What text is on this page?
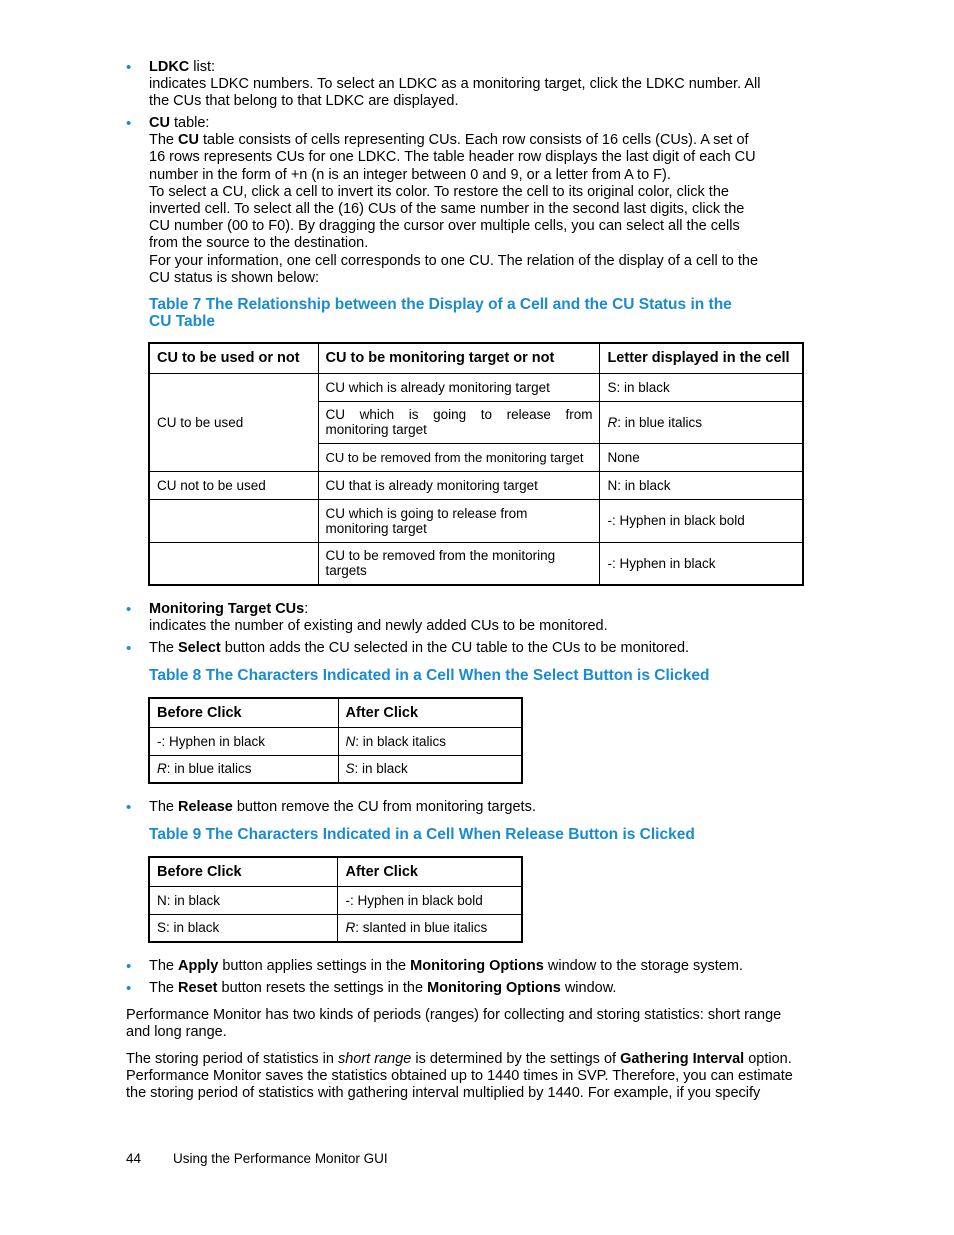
• LDKC list:
indicates LDKC numbers. To select an LDKC as a monitoring target, click the LDKC number. All
the CUs that belong to that LDKC are displayed.
• CU table:
The CU table consists of cells representing CUs. Each row consists of 16 cells (CUs). A set of
16 rows represents CUs for one LDKC. The table header row displays the last digit of each CU
number in the form of +n (n is an integer between 0 and 9, or a letter from A to F).
To select a CU, click a cell to invert its color. To restore the cell to its original color, click the
inverted cell. To select all the (16) CUs of the same number in the second last digits, click the
CU number (00 to F0). By dragging the cursor over multiple cells, you can select all the cells
from the source to the destination.
For your information, one cell corresponds to one CU. The relation of the display of a cell to the
CU status is shown below:
Table 7 The Relationship between the Display of a Cell and the CU Status in the
CU Table
CU to be used or not	CU to be monitoring target or not	Letter displayed in the cell
CU to be used	CU which is already monitoring target	S: in black
	CU which is going to release from monitoring target	R: in blue italics
	CU to be removed from the monitoring target	None
CU not to be used	CU that is already monitoring target	N: in black
	CU which is going to release from monitoring target	-: Hyphen in black bold
	CU to be removed from the monitoring targets	-: Hyphen in black
• Monitoring Target CUs:
indicates the number of existing and newly added CUs to be monitored.
• The Select button adds the CU selected in the CU table to the CUs to be monitored.
Table 8 The Characters Indicated in a Cell When the Select Button is Clicked
Before Click	After Click
-: Hyphen in black	N: in black italics
R: in blue italics	S: in black
• The Release button remove the CU from monitoring targets.
Table 9 The Characters Indicated in a Cell When Release Button is Clicked
Before Click	After Click
N: in black	-: Hyphen in black bold
S: in black	R: slanted in blue italics
• The Apply button applies settings in the Monitoring Options window to the storage system.
• The Reset button resets the settings in the Monitoring Options window.
Performance Monitor has two kinds of periods (ranges) for collecting and storing statistics: short range
and long range.
The storing period of statistics in short range is determined by the settings of Gathering Interval option.
Performance Monitor saves the statistics obtained up to 1440 times in SVP. Therefore, you can estimate
the storing period of statistics with gathering interval multiplied by 1440. For example, if you specify
44 Using the Performance Monitor GUI
